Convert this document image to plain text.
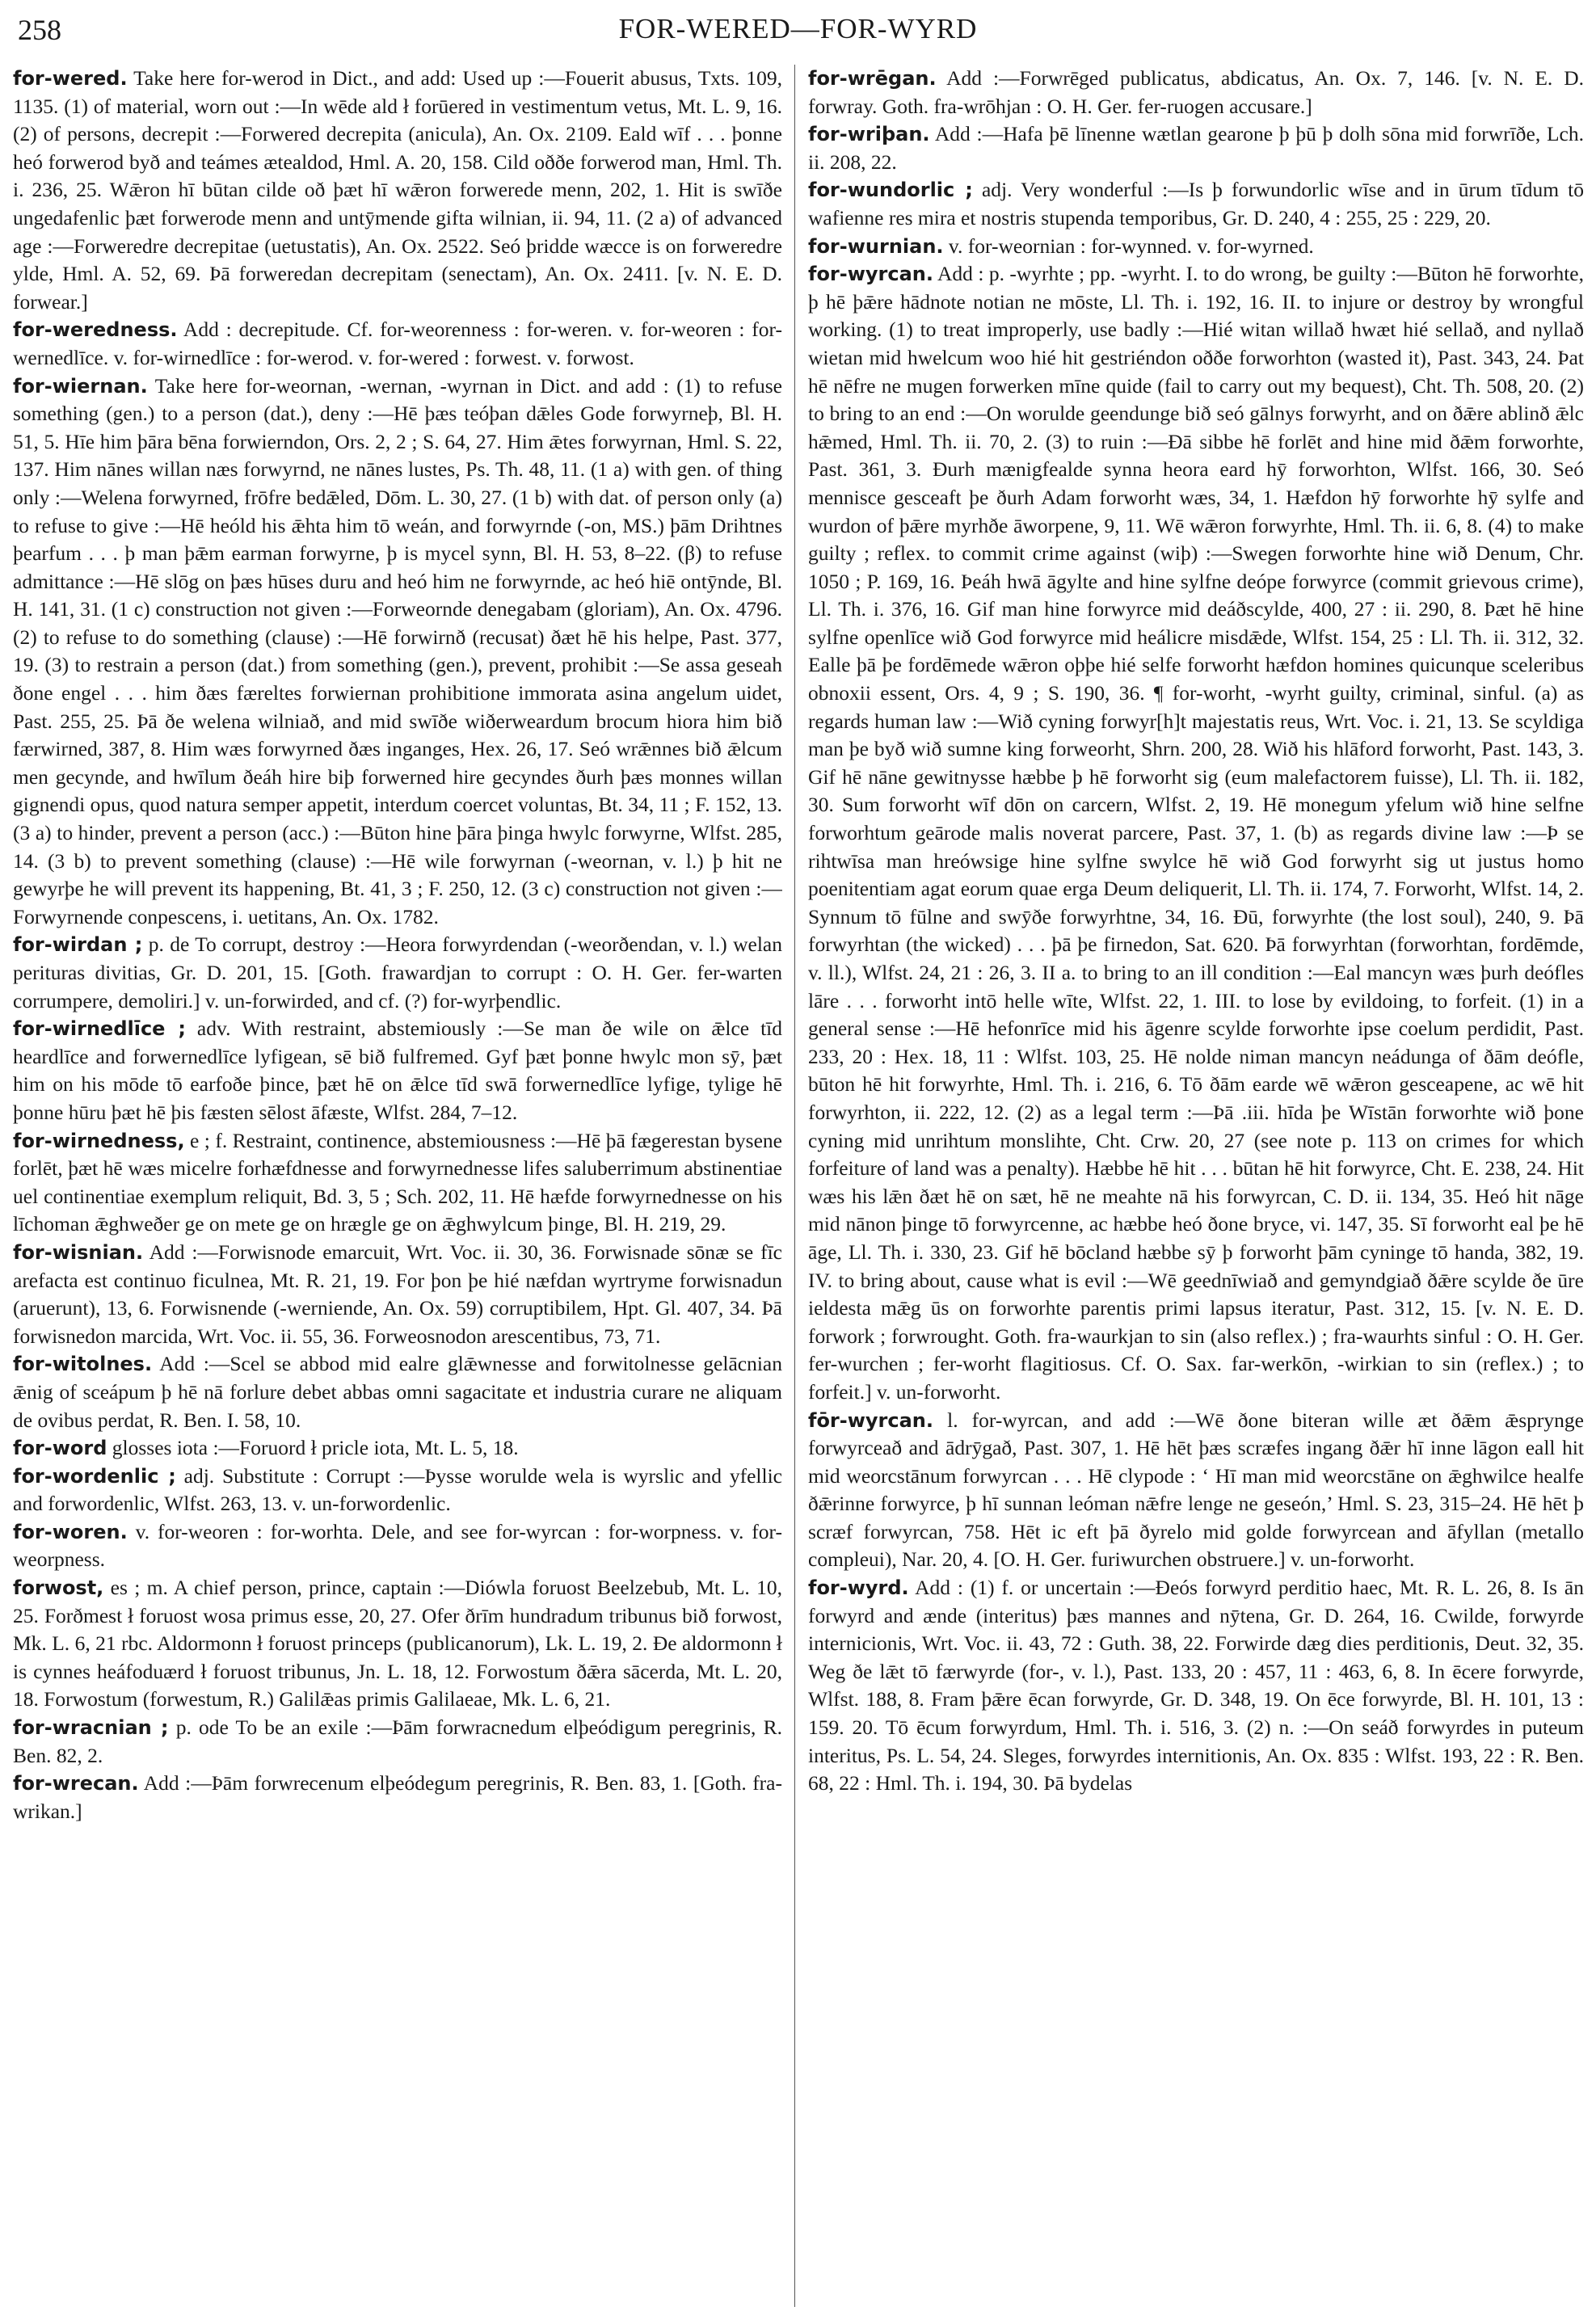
258	FOR-WERED—FOR-WYRD

for-wered. Take here for-werod in Dict., and add: Used up :—Fouerit abusus, Txts. 109, 1135. (1) of material, worn out :—In wēde ald ł forūered in vestimentum vetus, Mt. L. 9, 16. (2) of persons, decrepit :—Forwered decrepita (anicula), An. Ox. 2109. Eald wīf . . . þonne heó forwerod byð and teámes ætealdod, Hml. A. 20, 158. Cild oððe forwerod man, Hml. Th. i. 236, 25. Wǣron hī būtan cilde oð þæt hī wǣron forwerede menn, 202, 1. Hit is swīðe ungedafenlic þæt forwerode menn and untȳmende gifta wilnian, ii. 94, 11. (2 a) of advanced age :—Forweredre decrepitae (uetustatis), An. Ox. 2522. Seó þridde wæcce is on forweredre ylde, Hml. A. 52, 69. Þā forweredan decrepitam (senectam), An. Ox. 2411. [v. N. E. D. forwear.]

for-weredness. Add : decrepitude. Cf. for-weorenness : for-weren. v. for-weoren : for-wernedlīce. v. for-wirnedlīce : for-werod. v. for-wered : forwest. v. forwost.

for-wiernan. Take here for-weornan, -wernan, -wyrnan in Dict. and add : (1) to refuse something (gen.) to a person (dat.), deny :—Hē þæs teóþan dǣles Gode forwyrneþ, Bl. H. 51, 5. Hīe him þāra bēna forwierndon, Ors. 2, 2 ; S. 64, 27. Him ǣtes forwyrnan, Hml. S. 22, 137. Him nānes willan næs forwyrnd, ne nānes lustes, Ps. Th. 48, 11. (1 a) with gen. of thing only :—Welena forwyrned, frōfre bedǣled, Dōm. L. 30, 27. (1 b) with dat. of person only (a) to refuse to give :—Hē heóld his ǣhta him tō weán, and forwyrnde (-on, MS.) þām Drihtnes þearfum . . . þ man þǣm earman forwyrne, þ is mycel synn, Bl. H. 53, 8–22. (β) to refuse admittance :—Hē slōg on þæs hūses duru and heó him ne forwyrnde, ac heó hiē ontȳnde, Bl. H. 141, 31. (1 c) construction not given :—Forweornde denegabam (gloriam), An. Ox. 4796. (2) to refuse to do something (clause) :—Hē forwirnð (recusat) ðæt hē his helpe, Past. 377, 19. (3) to restrain a person (dat.) from something (gen.), prevent, prohibit :—Se assa geseah ðone engel . . . him ðæs færeltes forwiernan prohibitione immorata asina angelum uidet, Past. 255, 25. Þā ðe welena wilniað, and mid swīðe wiðerweardum brocum hiora him bið færwirned, 387, 8. Him wæs forwyrned ðæs inganges, Hex. 26, 17. Seó wrǣnnes bið ǣlcum men gecynde, and hwīlum ðeáh hire biþ forwerned hire gecyndes ðurh þæs monnes willan gignendi opus, quod natura semper appetit, interdum coercet voluntas, Bt. 34, 11 ; F. 152, 13. (3 a) to hinder, prevent a person (acc.) :—Būton hine þāra þinga hwylc forwyrne, Wlfst. 285, 14. (3 b) to prevent something (clause) :—Hē wile forwyrnan (-weornan, v. l.) þ hit ne gewyrþe he will prevent its happening, Bt. 41, 3 ; F. 250, 12. (3 c) construction not given :—Forwyrnende conpescens, i. uetitans, An. Ox. 1782.

for-wirdan ; p. de To corrupt, destroy :—Heora forwyrdendan (-weorðendan, v. l.) welan perituras divitias, Gr. D. 201, 15. [Goth. frawardjan to corrupt : O. H. Ger. fer-warten corrumpere, demoliri.] v. un-forwirded, and cf. (?) for-wyrþendlic.

for-wirnedlīce ; adv. With restraint, abstemiously :—Se man ðe wile on ǣlce tīd heardlīce and forwernedlīce lyfigean, sē bið fulfremed. Gyf þæt þonne hwylc mon sȳ, þæt him on his mōde tō earfoðe þince, þæt hē on ǣlce tīd swā forwernedlīce lyfige, tylige hē þonne hūru þæt hē þis fæsten sēlost āfæste, Wlfst. 284, 7–12.

for-wirnedness, e ; f. Restraint, continence, abstemiousness :—Hē þā fægerestan bysene forlēt, þæt hē wæs micelre forhæfdnesse and forwyrnednesse lifes saluberrimum abstinentiae uel continentiae exemplum reliquit, Bd. 3, 5 ; Sch. 202, 11. Hē hæfde forwyrnednesse on his līchoman ǣghweðer ge on mete ge on hrægle ge on ǣghwylcum þinge, Bl. H. 219, 29.

for-wisnian. Add :—Forwisnode emarcuit, Wrt. Voc. ii. 30, 36. Forwisnade sōnæ se fīc arefacta est continuo ficulnea, Mt. R. 21, 19. For þon þe hié næfdan wyrtryme forwisnadun (aruerunt), 13, 6. Forwisnende (-werniende, An. Ox. 59) corruptibilem, Hpt. Gl. 407, 34. Þā forwisnedon marcida, Wrt. Voc. ii. 55, 36. Forweosnodon arescentibus, 73, 71.

for-witolnes. Add :—Scel se abbod mid ealre glǣwnesse and forwitolnesse gelācnian ǣnig of sceápum þ hē nā forlure debet abbas omni sagacitate et industria curare ne aliquam de ovibus perdat, R. Ben. I. 58, 10.

for-word glosses iota :—Foruord ł pricle iota, Mt. L. 5, 18.

for-wordenlic ; adj. Substitute : Corrupt :—Þysse worulde wela is wyrslic and yfellic and forwordenlic, Wlfst. 263, 13. v. un-forwordenlic.

for-woren. v. for-weoren : for-worhta. Dele, and see for-wyrcan : for-worpness. v. for-weorpness.

forwost, es ; m. A chief person, prince, captain :—Diówla foruost Beelzebub, Mt. L. 10, 25. Forðmest ł foruost wosa primus esse, 20, 27. Ofer ðrīm hundradum tribunus bið forwost, Mk. L. 6, 21 rbc. Aldormonn ł foruost princeps (publicanorum), Lk. L. 19, 2. Ðe aldormonn ł is cynnes heáfoduærd ł foruost tribunus, Jn. L. 18, 12. Forwostum ðǣra sācerda, Mt. L. 20, 18. Forwostum (forwestum, R.) Galilǣas primis Galilaeae, Mk. L. 6, 21.

for-wracnian ; p. ode To be an exile :—Þām forwracnedum elþeódigum peregrinis, R. Ben. 82, 2.

for-wrecan. Add :—Þām forwrecenum elþeódegum peregrinis, R. Ben. 83, 1. [Goth. fra-wrikan.]

for-wrēgan. Add :—Forwrēged publicatus, abdicatus, An. Ox. 7, 146. [v. N. E. D. forwray. Goth. fra-wrōhjan : O. H. Ger. fer-ruogen accusare.]

for-wriþan. Add :—Hafa þē līnenne wætlan gearone þ þū þ dolh sōna mid forwrīðe, Lch. ii. 208, 22.

for-wundorlic ; adj. Very wonderful :—Is þ forwundorlic wīse and in ūrum tīdum tō wafienne res mira et nostris stupenda temporibus, Gr. D. 240, 4 : 255, 25 : 229, 20.

for-wurnian. v. for-weornian : for-wynned. v. for-wyrned.

for-wyrcan. Add : p. -wyrhte ; pp. -wyrht. I. to do wrong, be guilty :—Būton hē forworhte, þ hē þǣre hādnote notian ne mōste, Ll. Th. i. 192, 16. II. to injure or destroy by wrongful working. (1) to treat improperly, use badly :—Hié witan willað hwæt hié sellað, and nyllað wietan mid hwelcum woo hié hit gestriéndon oððe forworhton (wasted it), Past. 343, 24. Þat hē nēfre ne mugen forwerken mīne quide (fail to carry out my bequest), Cht. Th. 508, 20. (2) to bring to an end :—On worulde geendunge bið seó gālnys forwyrht, and on ðǣre ablinð ǣlc hǣmed, Hml. Th. ii. 70, 2. (3) to ruin :—Ðā sibbe hē forlēt and hine mid ðǣm forworhte, Past. 361, 3. Ðurh mænigfealde synna heora eard hȳ forworhton, Wlfst. 166, 30. Seó mennisce gesceaft þe ðurh Adam forworht wæs, 34, 1. Hæfdon hȳ forworhte hȳ sylfe and wurdon of þǣre myrhðe āworpene, 9, 11. Wē wǣron forwyrhte, Hml. Th. ii. 6, 8. (4) to make guilty ; reflex. to commit crime against (wiþ) :—Swegen forworhte hine wið Denum, Chr. 1050 ; P. 169, 16. Þeáh hwā āgylte and hine sylfne deópe forwyrce (commit grievous crime), Ll. Th. i. 376, 16. Gif man hine forwyrce mid deáðscylde, 400, 27 : ii. 290, 8. Þæt hē hine sylfne openlīce wið God forwyrce mid heálicre misdǣde, Wlfst. 154, 25 : Ll. Th. ii. 312, 32. Ealle þā þe fordēmede wǣron oþþe hié selfe forworht hæfdon homines quicunque sceleribus obnoxii essent, Ors. 4, 9 ; S. 190, 36. ¶ for-worht, -wyrht guilty, criminal, sinful. (a) as regards human law :—Wið cyning forwyr[h]t majestatis reus, Wrt. Voc. i. 21, 13. Se scyldiga man þe byð wið sumne king forweorht, Shrn. 200, 28. Wið his hlāford forworht, Past. 143, 3. Gif hē nāne gewitnysse hæbbe þ hē forworht sig (eum malefactorem fuisse), Ll. Th. ii. 182, 30. Sum forworht wīf dōn on carcern, Wlfst. 2, 19. Hē monegum yfelum wið hine selfne forworhtum geārode malis noverat parcere, Past. 37, 1. (b) as regards divine law :—Þ se rihtwīsa man hreówsige hine sylfne swylce hē wið God forwyrht sig ut justus homo poenitentiam agat eorum quae erga Deum deliquerit, Ll. Th. ii. 174, 7. Forworht, Wlfst. 14, 2. Synnum tō fūlne and swȳðe forwyrhtne, 34, 16. Ðū, forwyrhte (the lost soul), 240, 9. Þā forwyrhtan (the wicked) . . . þā þe firnedon, Sat. 620. Þā forwyrhtan (forworhtan, fordēmde, v. ll.), Wlfst. 24, 21 : 26, 3. II a. to bring to an ill condition :—Eal mancyn wæs þurh deófles lāre . . . forworht intō helle wīte, Wlfst. 22, 1. III. to lose by evildoing, to forfeit. (1) in a general sense :—Hē hefonrīce mid his āgenre scylde forworhte ipse coelum perdidit, Past. 233, 20 : Hex. 18, 11 : Wlfst. 103, 25. Hē nolde niman mancyn neádunga of ðām deófle, būton hē hit forwyrhte, Hml. Th. i. 216, 6. Tō ðām earde wē wǣron gesceapene, ac wē hit forwyrhton, ii. 222, 12. (2) as a legal term :—Þā .iii. hīda þe Wīstān forworhte wið þone cyning mid unrihtum monslihte, Cht. Crw. 20, 27 (see note p. 113 on crimes for which forfeiture of land was a penalty). Hæbbe hē hit . . . būtan hē hit forwyrce, Cht. E. 238, 24. Hit wæs his lǣn ðæt hē on sæt, hē ne meahte nā his forwyrcan, C. D. ii. 134, 35. Heó hit nāge mid nānon þinge tō forwyrcenne, ac hæbbe heó ðone bryce, vi. 147, 35. Sī forworht eal þe hē āge, Ll. Th. i. 330, 23. Gif hē bōcland hæbbe sȳ þ forworht þām cyninge tō handa, 382, 19. IV. to bring about, cause what is evil :—Wē geednīwiað and gemyndgiað ðǣre scylde ðe ūre ieldesta mǣg ūs on forworhte parentis primi lapsus iteratur, Past. 312, 15. [v. N. E. D. forwork ; forwrought. Goth. fra-waurkjan to sin (also reflex.) ; fra-waurhts sinful : O. H. Ger. fer-wurchen ; fer-worht flagitiosus. Cf. O. Sax. far-werkōn, -wirkian to sin (reflex.) ; to forfeit.] v. un-forworht.

fōr-wyrcan. l. for-wyrcan, and add :—Wē ðone biteran wille æt ðǣm ǣsprynge forwyrceað and ādrȳgað, Past. 307, 1. Hē hēt þæs scræfes ingang ðǣr hī inne lāgon eall hit mid weorcstānum forwyrcan . . . Hē clypode : ‘ Hī man mid weorcstāne on ǣghwilce healfe ðǣrinne forwyrce, þ hī sunnan leóman nǣfre lenge ne geseón,’ Hml. S. 23, 315–24. Hē hēt þ scræf forwyrcan, 758. Hēt ic eft þā ðyrelo mid golde forwyrcean and āfyllan (metallo compleui), Nar. 20, 4. [O. H. Ger. furiwurchen obstruere.] v. un-forworht.

for-wyrd. Add : (1) f. or uncertain :—Ðeós forwyrd perditio haec, Mt. R. L. 26, 8. Is ān forwyrd and ænde (interitus) þæs mannes and nȳtena, Gr. D. 264, 16. Cwilde, forwyrde internicionis, Wrt. Voc. ii. 43, 72 : Guth. 38, 22. Forwirde dæg dies perditionis, Deut. 32, 35. Weg ðe lǣt tō færwyrde (for-, v. l.), Past. 133, 20 : 457, 11 : 463, 6, 8. In ēcere forwyrde, Wlfst. 188, 8. Fram þǣre ēcan forwyrde, Gr. D. 348, 19. On ēce forwyrde, Bl. H. 101, 13 : 159. 20. Tō ēcum forwyrdum, Hml. Th. i. 516, 3. (2) n. :—On seáð forwyrdes in puteum interitus, Ps. L. 54, 24. Sleges, forwyrdes internitionis, An. Ox. 835 : Wlfst. 193, 22 : R. Ben. 68, 22 : Hml. Th. i. 194, 30. Þā bydelas
